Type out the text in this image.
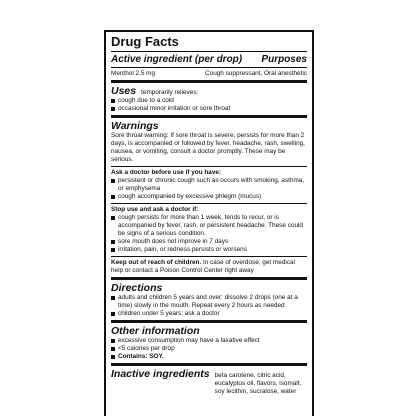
Drug Facts
Active ingredient (per drop) Purposes
Menthol 2.5 mg	Cough suppressant, Oral anesthetic
Uses temporarily relieves:
cough due to a cold
occasional minor irritation or sore throat
Warnings
Sore throat warning: If sore throat is severe, persists for more than 2 days, is accompanied or followed by fever, headache, rash, swelling, nausea, or vomiting, consult a doctor promptly. These may be serious.
Ask a doctor before use if you have:
persistent or chronic cough such as occurs with smoking, asthma, or emphysema
cough accompanied by excessive phlegm (mucus)
Stop use and ask a doctor if:
cough persists for more than 1 week, tends to recur, or is accompanied by fever, rash, or persistent headache. These could be signs of a serious condition.
sore mouth does not improve in 7 days
irritation, pain, or redness persists or worsens
Keep out of reach of children. In case of overdose, get medical help or contact a Poison Control Center right away
Directions
adults and children 5 years and over: dissolve 2 drops (one at a time) slowly in the mouth. Repeat every 2 hours as needed
children under 5 years: ask a doctor
Other information
excessive consumption may have a laxative effect
<5 calories per drop
Contains: SOY.
Inactive ingredients beta carotene, citric acid, eucalyptus oil, flavors, isomalt, soy lecithin, sucralose, water
